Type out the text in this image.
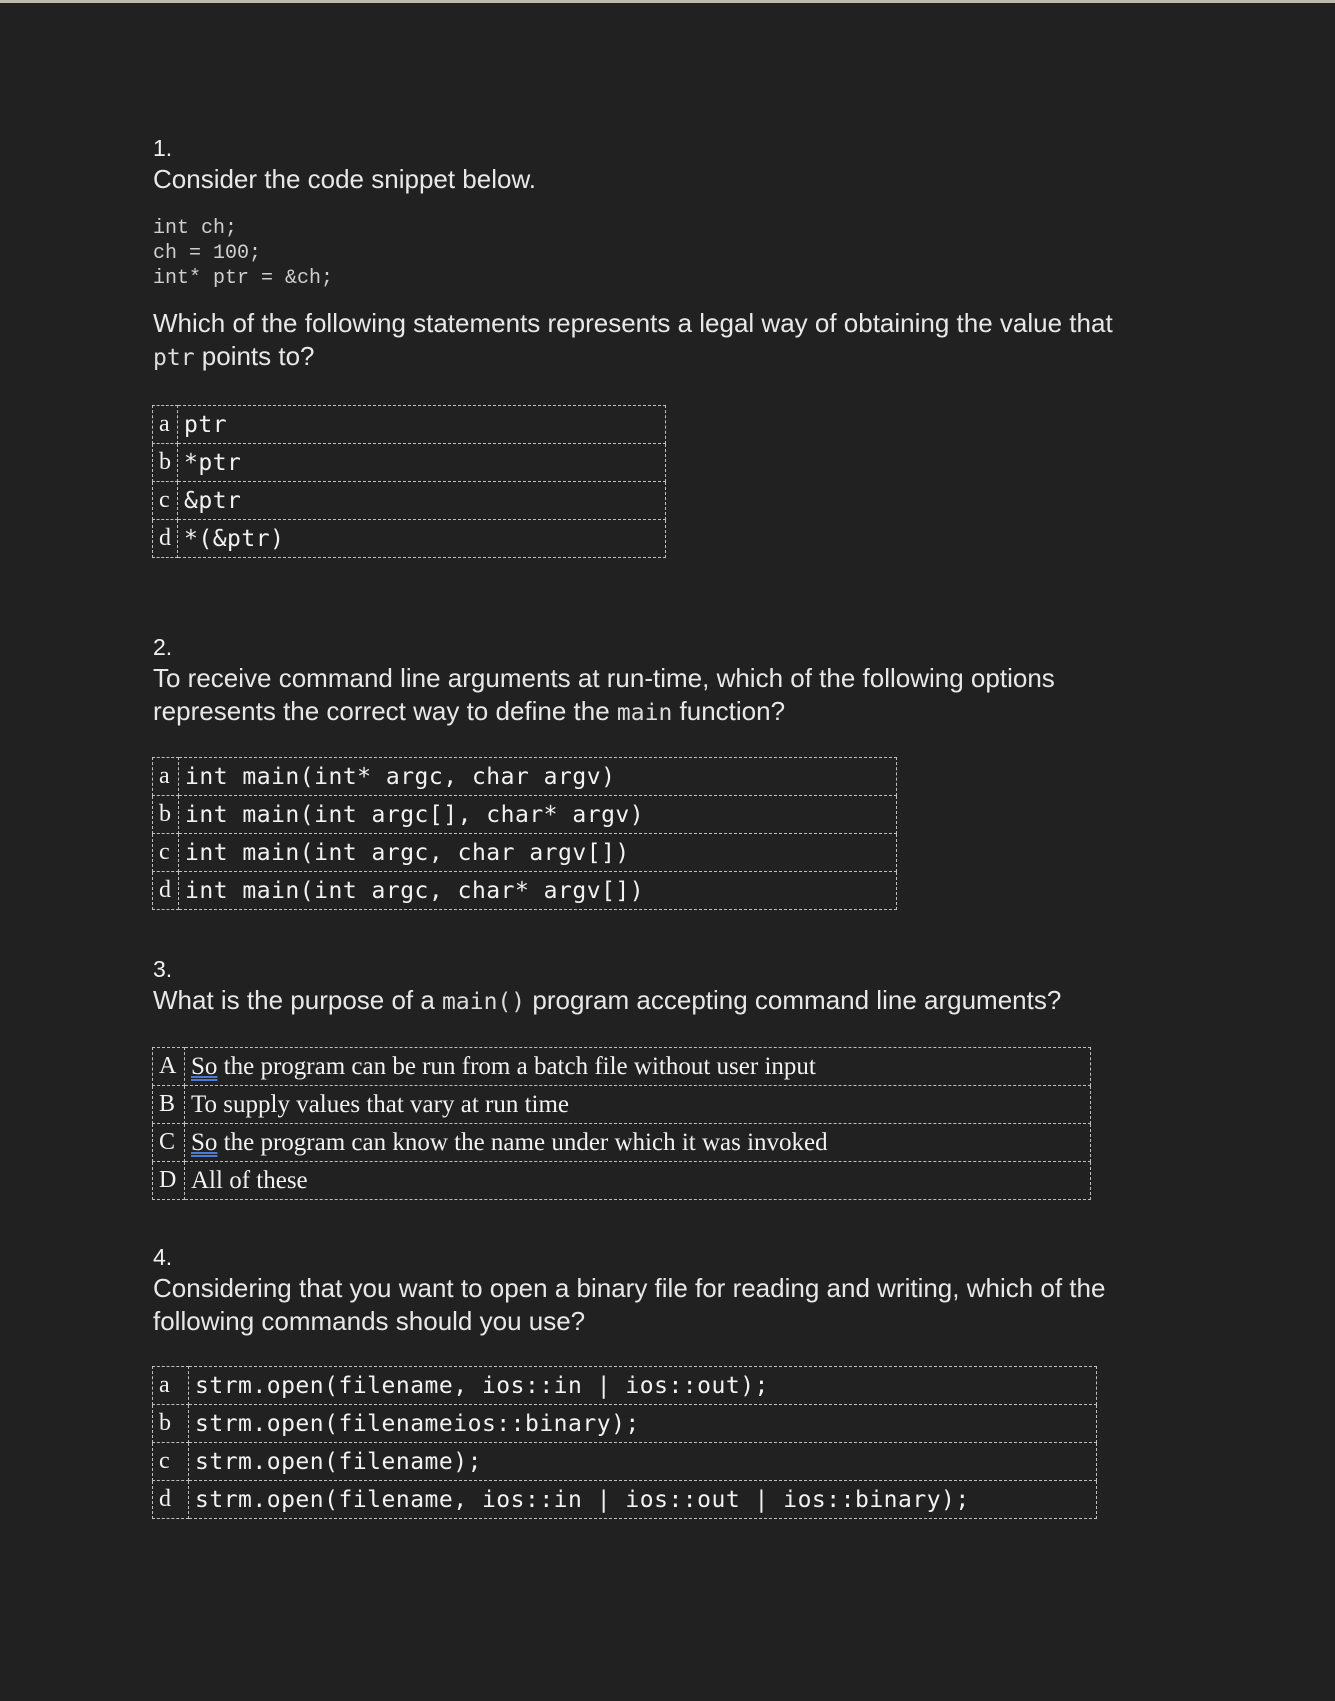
1.
Consider the code snippet below.
int ch;
ch = 100;
int* ptr = &ch;
Which of the following statements represents a legal way of obtaining the value that ptr points to?
a	ptr
b	*ptr
c	&ptr
d	*(&ptr)
2.
To receive command line arguments at run-time, which of the following options represents the correct way to define the main function?
a	int main(int* argc, char argv)
b	int main(int argc[], char* argv)
c	int main(int argc, char argv[])
d	int main(int argc, char* argv[])
3.
What is the purpose of a main() program accepting command line arguments?
A	So the program can be run from a batch file without user input
B	To supply values that vary at run time
C	So the program can know the name under which it was invoked
D	All of these
4.
Considering that you want to open a binary file for reading and writing, which of the following commands should you use?
a	strm.open(filename, ios::in | ios::out);
b	strm.open(filenameios::binary);
c	strm.open(filename);
d	strm.open(filename, ios::in | ios::out | ios::binary);
